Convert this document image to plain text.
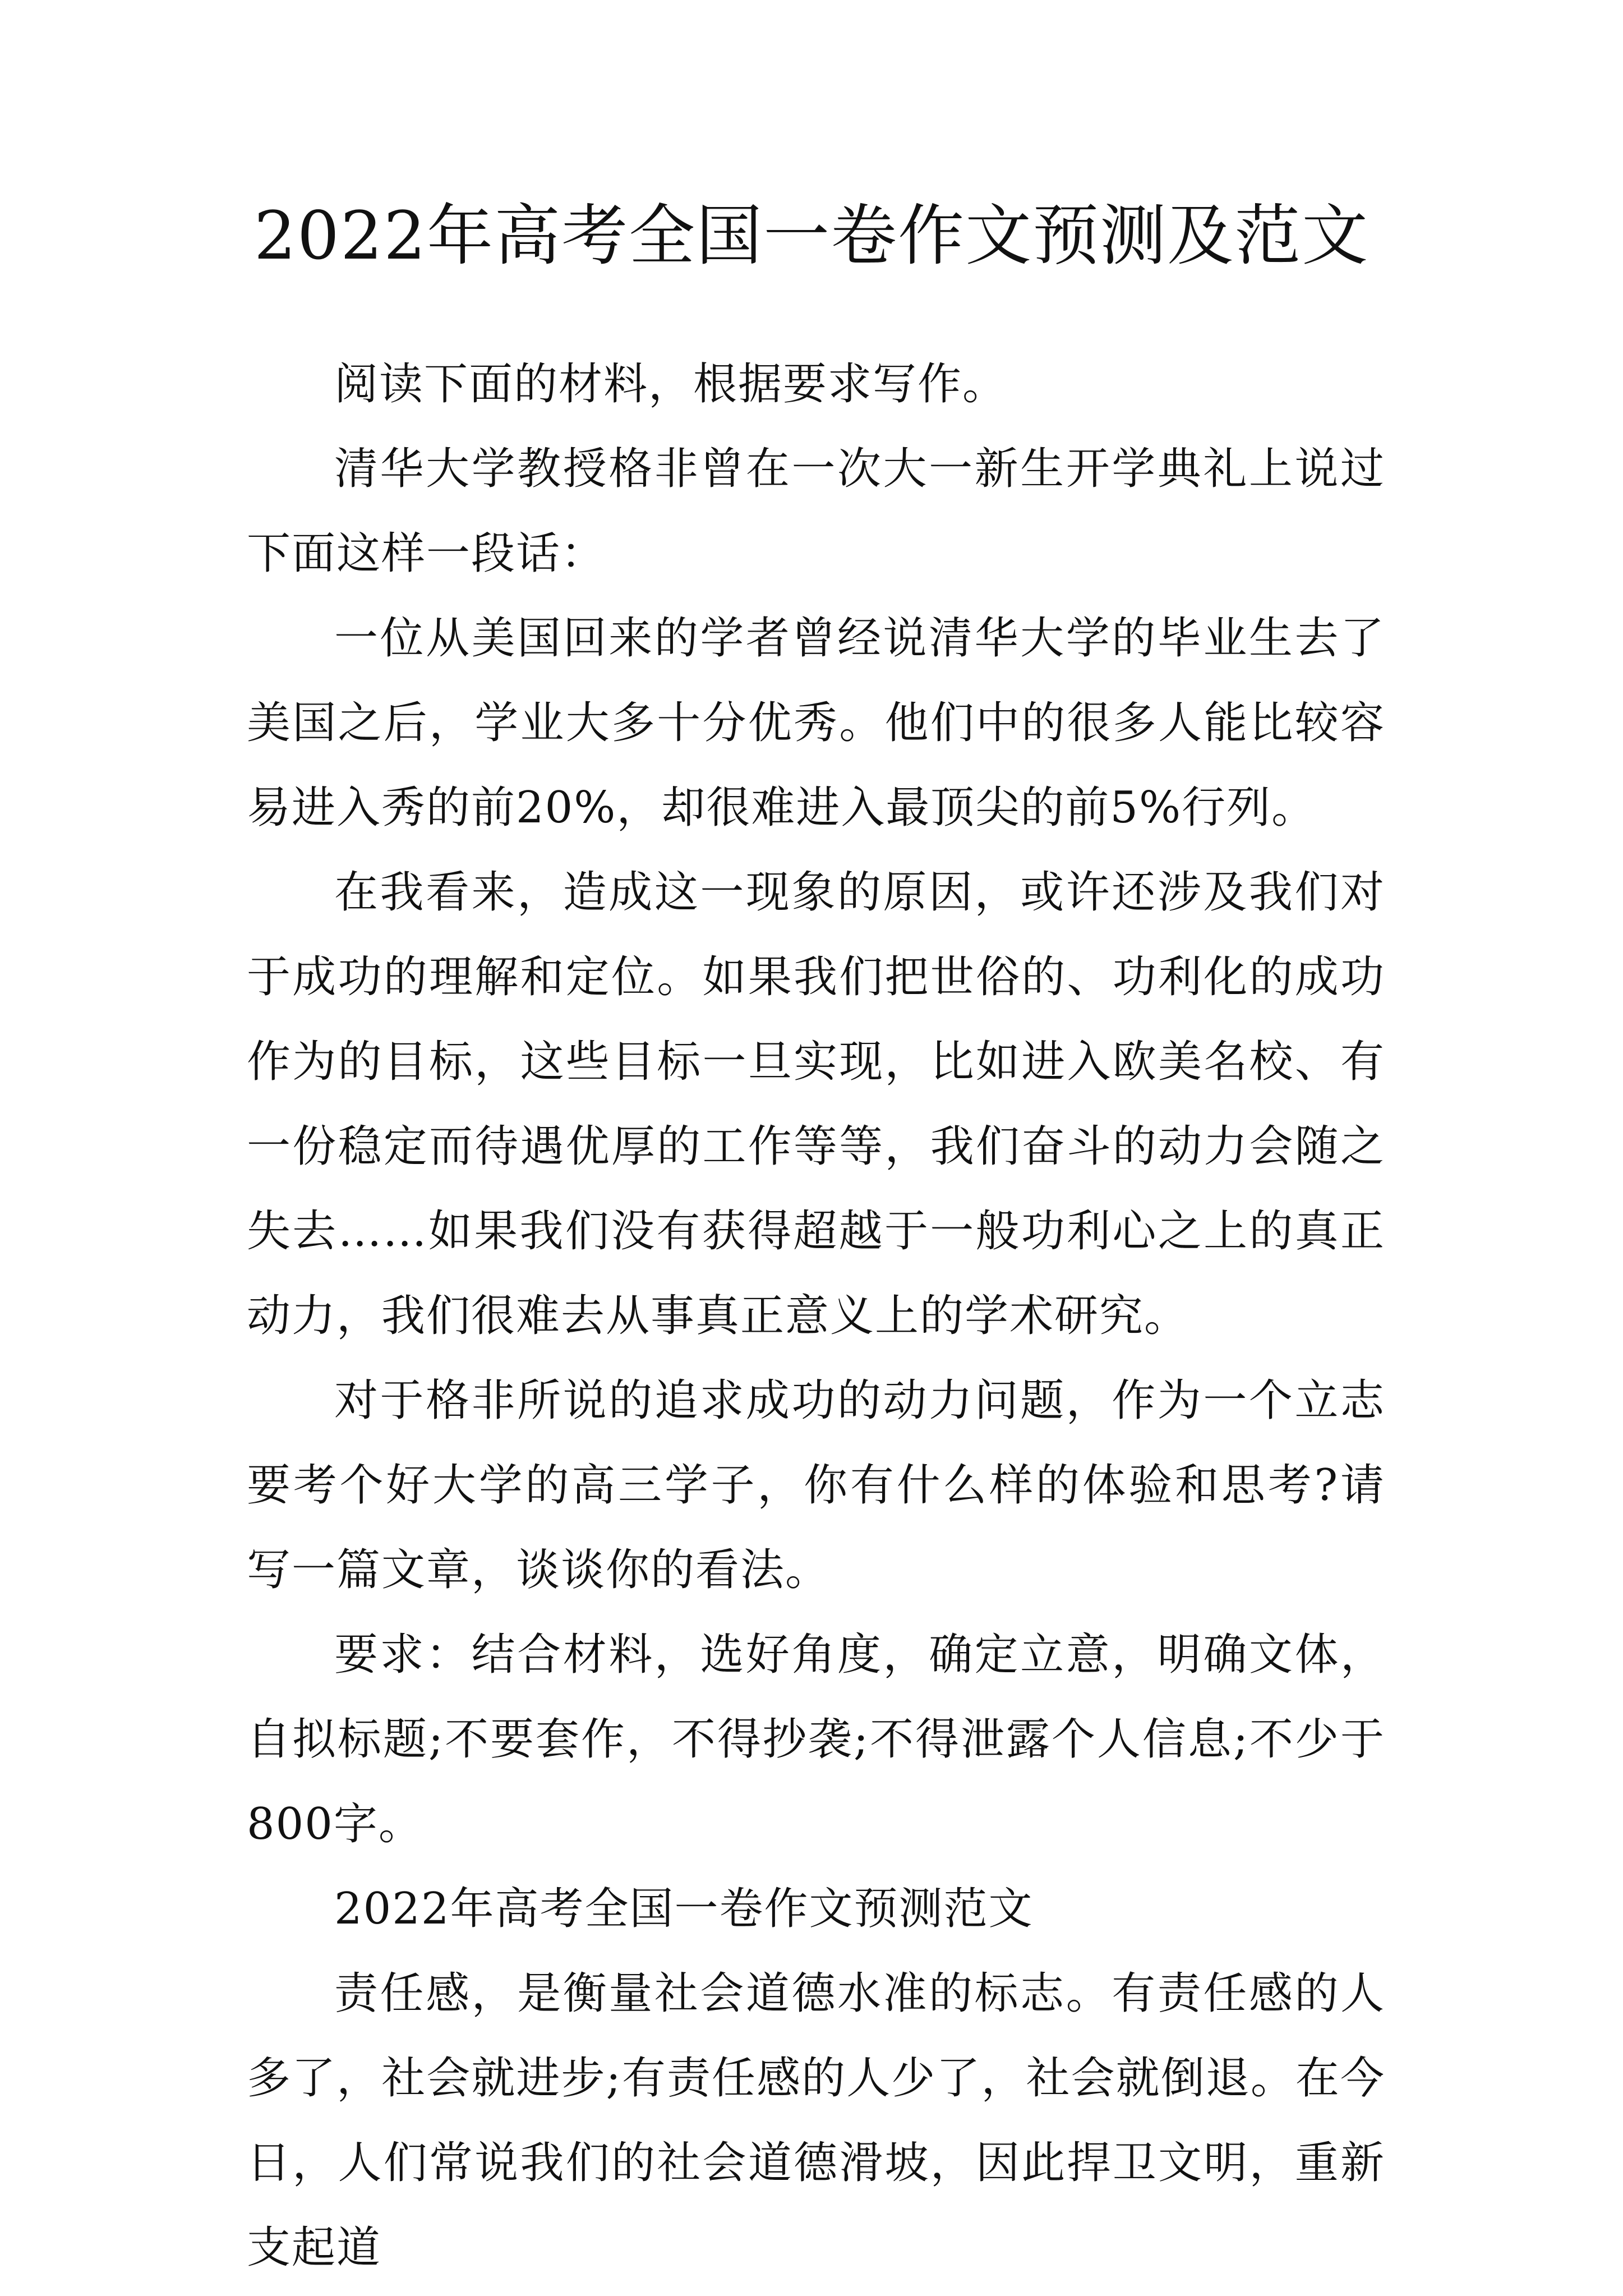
2022年高考全国一卷作文预测及范文

阅读下面的材料，根据要求写作。

清华大学教授格非曾在一次大一新生开学典礼上说过下面这样一段话：

一位从美国回来的学者曾经说清华大学的毕业生去了美国之后，学业大多十分优秀。他们中的很多人能比较容易进入秀的前20%，却很难进入最顶尖的前5%行列。

在我看来，造成这一现象的原因，或许还涉及我们对于成功的理解和定位。如果我们把世俗的、功利化的成功作为的目标，这些目标一旦实现，比如进入欧美名校、有一份稳定而待遇优厚的工作等等，我们奋斗的动力会随之失去……如果我们没有获得超越于一般功利心之上的真正动力，我们很难去从事真正意义上的学术研究。

对于格非所说的追求成功的动力问题，作为一个立志要考个好大学的高三学子，你有什么样的体验和思考?请写一篇文章，谈谈你的看法。

要求：结合材料，选好角度，确定立意，明确文体，自拟标题;不要套作，不得抄袭;不得泄露个人信息;不少于800字。

2022年高考全国一卷作文预测范文

责任感，是衡量社会道德水准的标志。有责任感的人多了，社会就进步;有责任感的人少了，社会就倒退。在今日，人们常说我们的社会道德滑坡，因此捍卫文明，重新支起道
